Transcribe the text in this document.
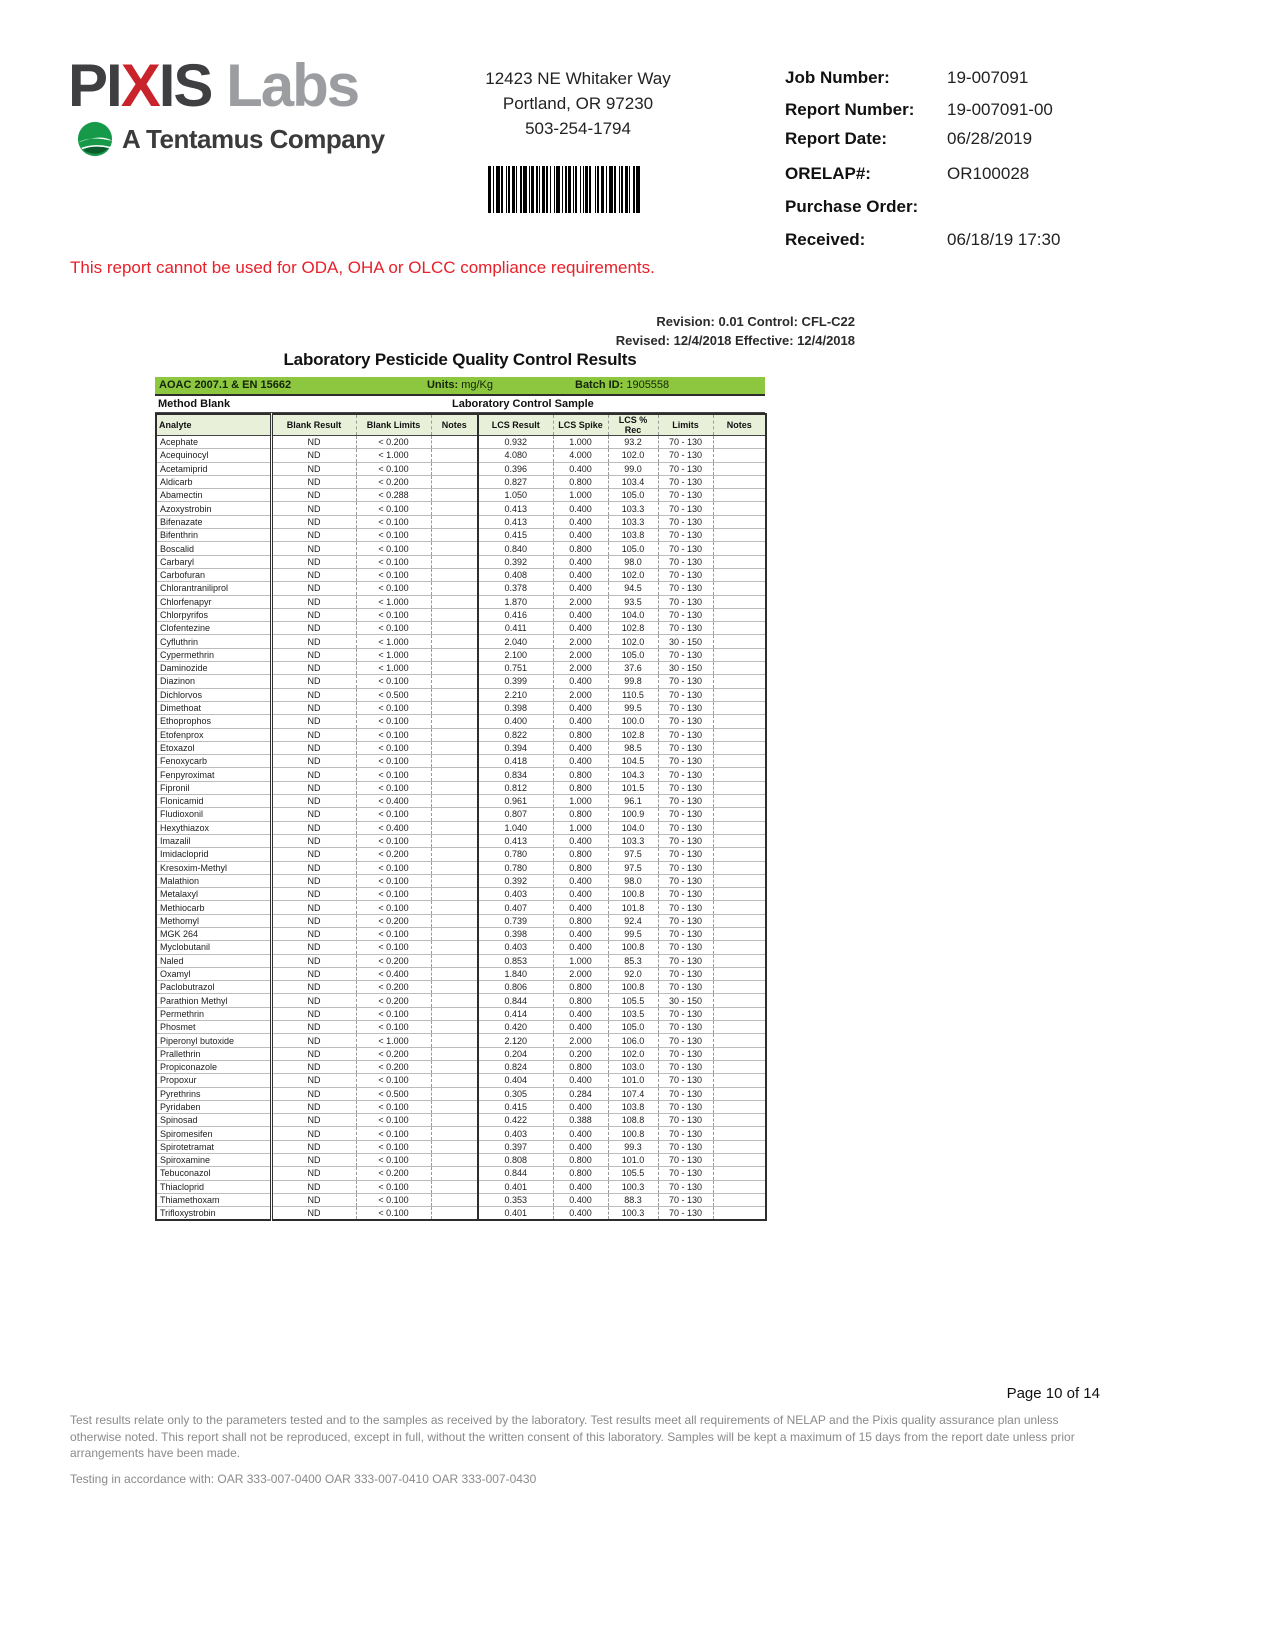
PIXIS Labs
A Tentamus Company
12423 NE Whitaker Way
Portland, OR 97230
503-254-1794
Job Number:	19-007091
Report Number:	19-007091-00
Report Date:	06/28/2019
ORELAP#:	OR100028
Purchase Order:
Received:	06/18/19 17:30
This report cannot be used for ODA, OHA or OLCC compliance requirements.
Revision: 0.01 Control: CFL-C22
Revised: 12/4/2018 Effective: 12/4/2018
Laboratory Pesticide Quality Control Results
AOAC 2007.1 & EN 15662	Units: mg/Kg	Batch ID: 1905558
Method Blank	Laboratory Control Sample
Analyte	Blank Result	Blank Limits	Notes	LCS Result	LCS Spike	LCS % Rec	Limits	Notes
Acephate	ND	< 0.200		0.932	1.000	93.2	70 - 130	
Acequinocyl	ND	< 1.000		4.080	4.000	102.0	70 - 130	
Acetamiprid	ND	< 0.100		0.396	0.400	99.0	70 - 130	
Aldicarb	ND	< 0.200		0.827	0.800	103.4	70 - 130	
Abamectin	ND	< 0.288		1.050	1.000	105.0	70 - 130	
Azoxystrobin	ND	< 0.100		0.413	0.400	103.3	70 - 130	
Bifenazate	ND	< 0.100		0.413	0.400	103.3	70 - 130	
Bifenthrin	ND	< 0.100		0.415	0.400	103.8	70 - 130	
Boscalid	ND	< 0.100		0.840	0.800	105.0	70 - 130	
Carbaryl	ND	< 0.100		0.392	0.400	98.0	70 - 130	
Carbofuran	ND	< 0.100		0.408	0.400	102.0	70 - 130	
Chlorantraniliprol	ND	< 0.100		0.378	0.400	94.5	70 - 130	
Chlorfenapyr	ND	< 1.000		1.870	2.000	93.5	70 - 130	
Chlorpyrifos	ND	< 0.100		0.416	0.400	104.0	70 - 130	
Clofentezine	ND	< 0.100		0.411	0.400	102.8	70 - 130	
Cyfluthrin	ND	< 1.000		2.040	2.000	102.0	30 - 150	
Cypermethrin	ND	< 1.000		2.100	2.000	105.0	70 - 130	
Daminozide	ND	< 1.000		0.751	2.000	37.6	30 - 150	
Diazinon	ND	< 0.100		0.399	0.400	99.8	70 - 130	
Dichlorvos	ND	< 0.500		2.210	2.000	110.5	70 - 130	
Dimethoat	ND	< 0.100		0.398	0.400	99.5	70 - 130	
Ethoprophos	ND	< 0.100		0.400	0.400	100.0	70 - 130	
Etofenprox	ND	< 0.100		0.822	0.800	102.8	70 - 130	
Etoxazol	ND	< 0.100		0.394	0.400	98.5	70 - 130	
Fenoxycarb	ND	< 0.100		0.418	0.400	104.5	70 - 130	
Fenpyroximat	ND	< 0.100		0.834	0.800	104.3	70 - 130	
Fipronil	ND	< 0.100		0.812	0.800	101.5	70 - 130	
Flonicamid	ND	< 0.400		0.961	1.000	96.1	70 - 130	
Fludioxonil	ND	< 0.100		0.807	0.800	100.9	70 - 130	
Hexythiazox	ND	< 0.400		1.040	1.000	104.0	70 - 130	
Imazalil	ND	< 0.100		0.413	0.400	103.3	70 - 130	
Imidacloprid	ND	< 0.200		0.780	0.800	97.5	70 - 130	
Kresoxim-Methyl	ND	< 0.100		0.780	0.800	97.5	70 - 130	
Malathion	ND	< 0.100		0.392	0.400	98.0	70 - 130	
Metalaxyl	ND	< 0.100		0.403	0.400	100.8	70 - 130	
Methiocarb	ND	< 0.100		0.407	0.400	101.8	70 - 130	
Methomyl	ND	< 0.200		0.739	0.800	92.4	70 - 130	
MGK 264	ND	< 0.100		0.398	0.400	99.5	70 - 130	
Myclobutanil	ND	< 0.100		0.403	0.400	100.8	70 - 130	
Naled	ND	< 0.200		0.853	1.000	85.3	70 - 130	
Oxamyl	ND	< 0.400		1.840	2.000	92.0	70 - 130	
Paclobutrazol	ND	< 0.200		0.806	0.800	100.8	70 - 130	
Parathion Methyl	ND	< 0.200		0.844	0.800	105.5	30 - 150	
Permethrin	ND	< 0.100		0.414	0.400	103.5	70 - 130	
Phosmet	ND	< 0.100		0.420	0.400	105.0	70 - 130	
Piperonyl butoxide	ND	< 1.000		2.120	2.000	106.0	70 - 130	
Prallethrin	ND	< 0.200		0.204	0.200	102.0	70 - 130	
Propiconazole	ND	< 0.200		0.824	0.800	103.0	70 - 130	
Propoxur	ND	< 0.100		0.404	0.400	101.0	70 - 130	
Pyrethrins	ND	< 0.500		0.305	0.284	107.4	70 - 130	
Pyridaben	ND	< 0.100		0.415	0.400	103.8	70 - 130	
Spinosad	ND	< 0.100		0.422	0.388	108.8	70 - 130	
Spiromesifen	ND	< 0.100		0.403	0.400	100.8	70 - 130	
Spirotetramat	ND	< 0.100		0.397	0.400	99.3	70 - 130	
Spiroxamine	ND	< 0.100		0.808	0.800	101.0	70 - 130	
Tebuconazol	ND	< 0.200		0.844	0.800	105.5	70 - 130	
Thiacloprid	ND	< 0.100		0.401	0.400	100.3	70 - 130	
Thiamethoxam	ND	< 0.100		0.353	0.400	88.3	70 - 130	
Trifloxystrobin	ND	< 0.100		0.401	0.400	100.3	70 - 130	
Page 10 of 14
Test results relate only to the parameters tested and to the samples as received by the laboratory. Test results meet all requirements of NELAP and the Pixis quality assurance plan unless otherwise noted. This report shall not be reproduced, except in full, without the written consent of this laboratory. Samples will be kept a maximum of 15 days from the report date unless prior arrangements have been made.
Testing in accordance with: OAR 333-007-0400 OAR 333-007-0410 OAR 333-007-0430
